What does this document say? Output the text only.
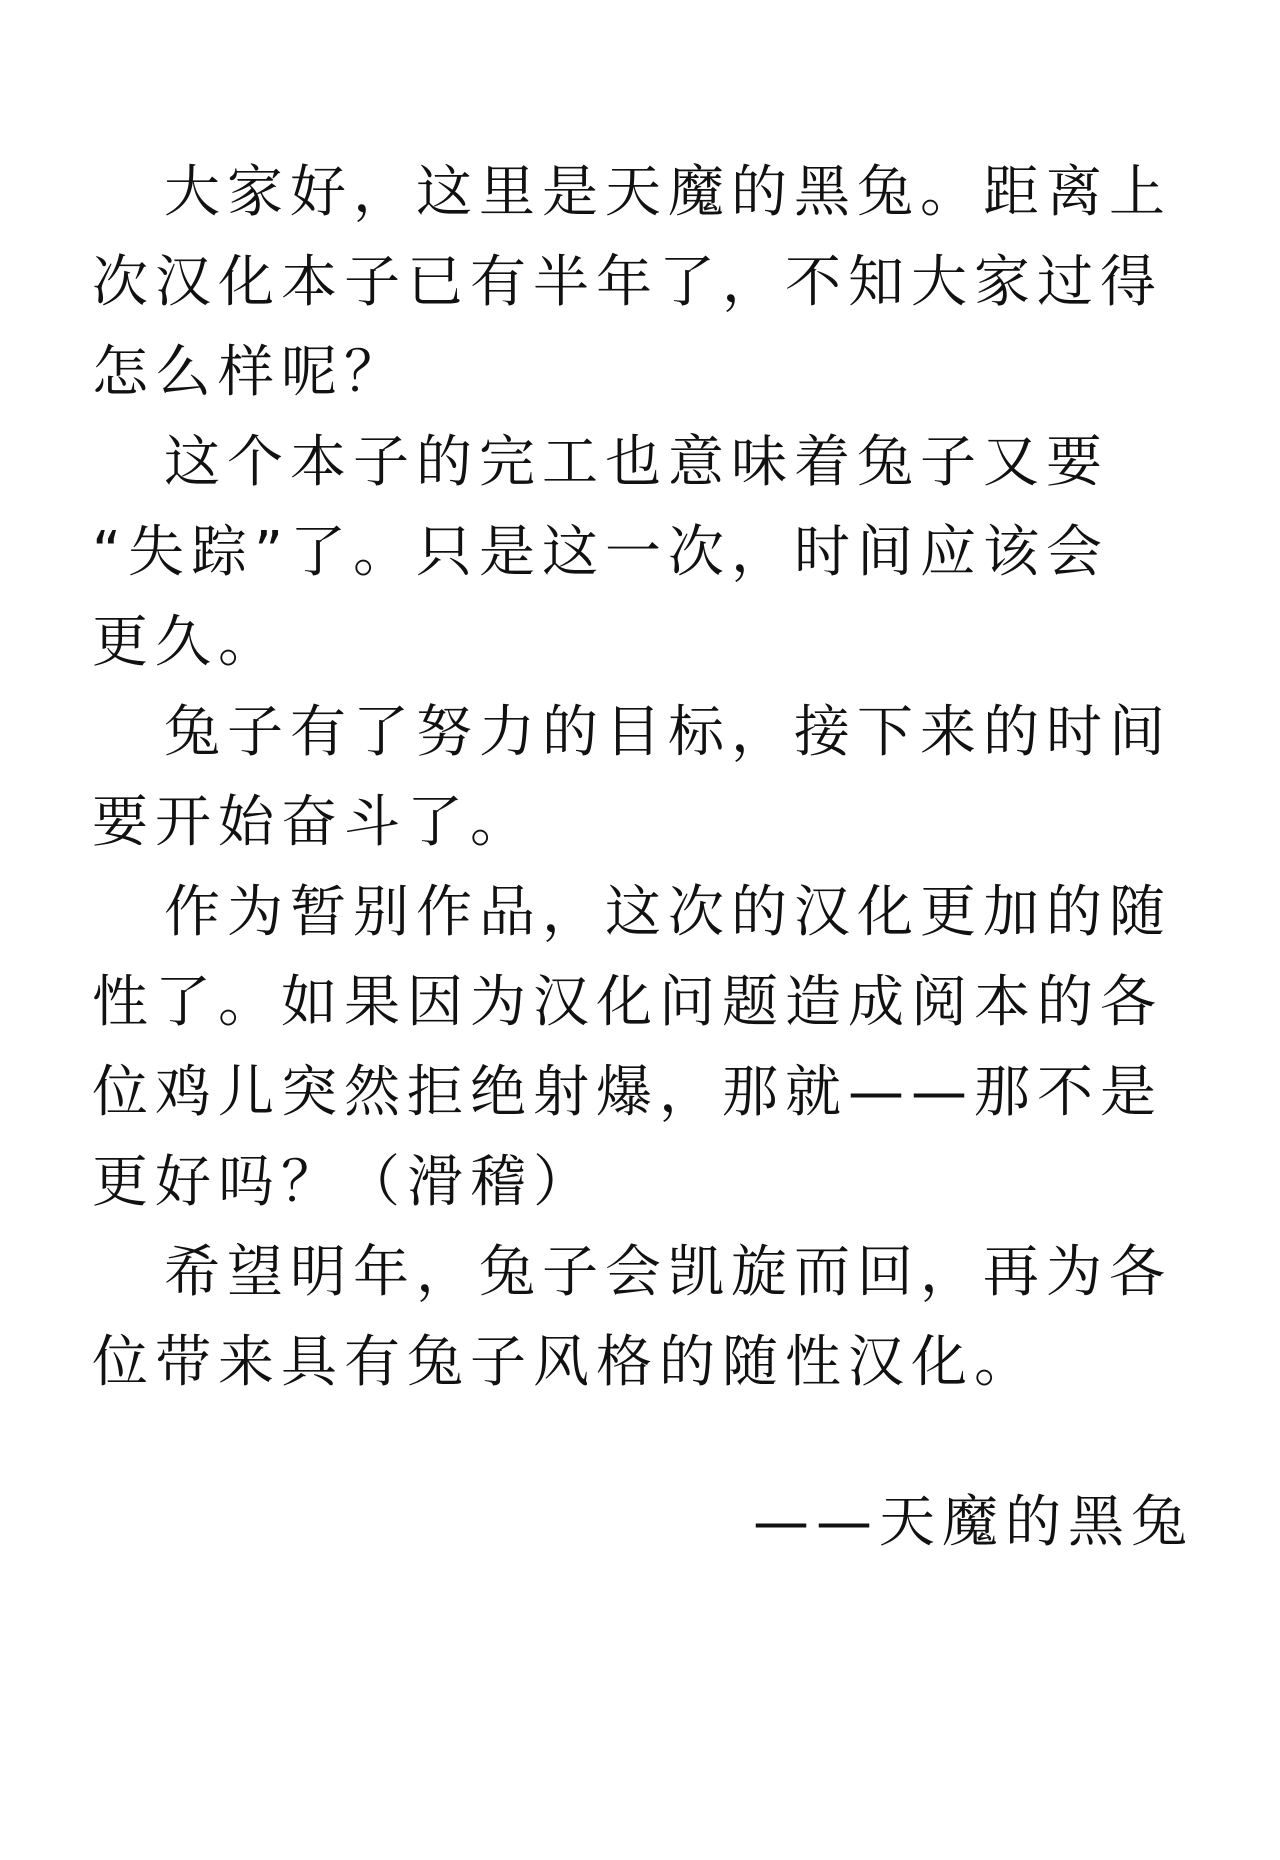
大家好，这里是天魔的黑兔。距离上
次汉化本子已有半年了，不知大家过得
怎么样呢？

这个本子的完工也意味着兔子又要
“失踪”了。只是这一次，时间应该会
更久。

兔子有了努力的目标，接下来的时间
要开始奋斗了。

作为暂别作品，这次的汉化更加的随
性了。如果因为汉化问题造成阅本的各
位鸡儿突然拒绝射爆，那就——那不是
更好吗？（滑稽）

希望明年，兔子会凯旋而回，再为各
位带来具有兔子风格的随性汉化。

——天魔的黑兔
